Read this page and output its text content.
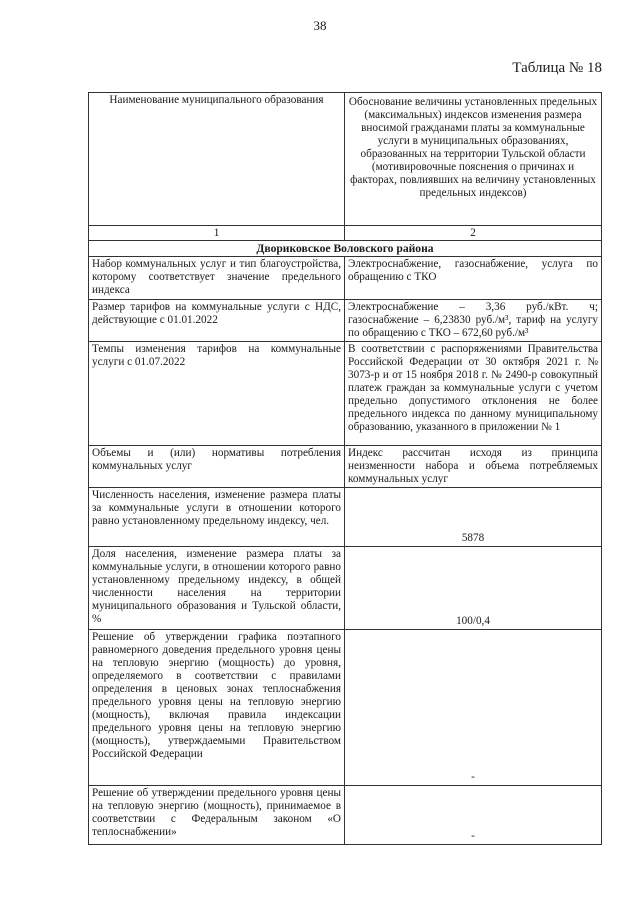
38
Таблица № 18
Наименование муниципального образования	Обоснование величины установленных предельных (максимальных) индексов изменения размера вносимой гражданами платы за коммунальные услуги в муниципальных образованиях, образованных на территории Тульской области (мотивировочные пояснения о причинах и факторах, повлиявших на величину установленных предельных индексов)
1	2
Двориковское Воловского района	
Набор коммунальных услуг и тип благоустройства, которому соответствует значение предельного индекса	Электроснабжение, газоснабжение, услуга по обращению с ТКО
Размер тарифов на коммунальные услуги с НДС, действующие с 01.01.2022	Электроснабжение – 3,36 руб./кВт. ч; газоснабжение – 6,23830 руб./м³, тариф на услугу по обращению с ТКО – 672,60 руб./м³
Темпы изменения тарифов на коммунальные услуги с 01.07.2022	В соответствии с распоряжениями Правительства Российской Федерации от 30 октября 2021 г. № 3073-р и от 15 ноября 2018 г. № 2490-р совокупный платеж граждан за коммунальные услуги с учетом предельно допустимого отклонения не более предельного индекса по данному муниципальному образованию, указанного в приложении № 1
Объемы и (или) нормативы потребления коммунальных услуг	Индекс рассчитан исходя из принципа неизменности набора и объема потребляемых коммунальных услуг
Численность населения, изменение размера платы за коммунальные услуги в отношении которого равно установленному предельному индексу, чел.	5878
Доля населения, изменение размера платы за коммунальные услуги, в отношении которого равно установленному предельному индексу, в общей численности населения на территории муниципального образования и Тульской области, %	100/0,4
Решение об утверждении графика поэтапного равномерного доведения предельного уровня цены на тепловую энергию (мощность) до уровня, определяемого в соответствии с правилами определения в ценовых зонах теплоснабжения предельного уровня цены на тепловую энергию (мощность), включая правила индексации предельного уровня цены на тепловую энергию (мощность), утверждаемыми Правительством Российской Федерации	-
Решение об утверждении предельного уровня цены на тепловую энергию (мощность), принимаемое в соответствии с Федеральным законом «О теплоснабжении»	-
